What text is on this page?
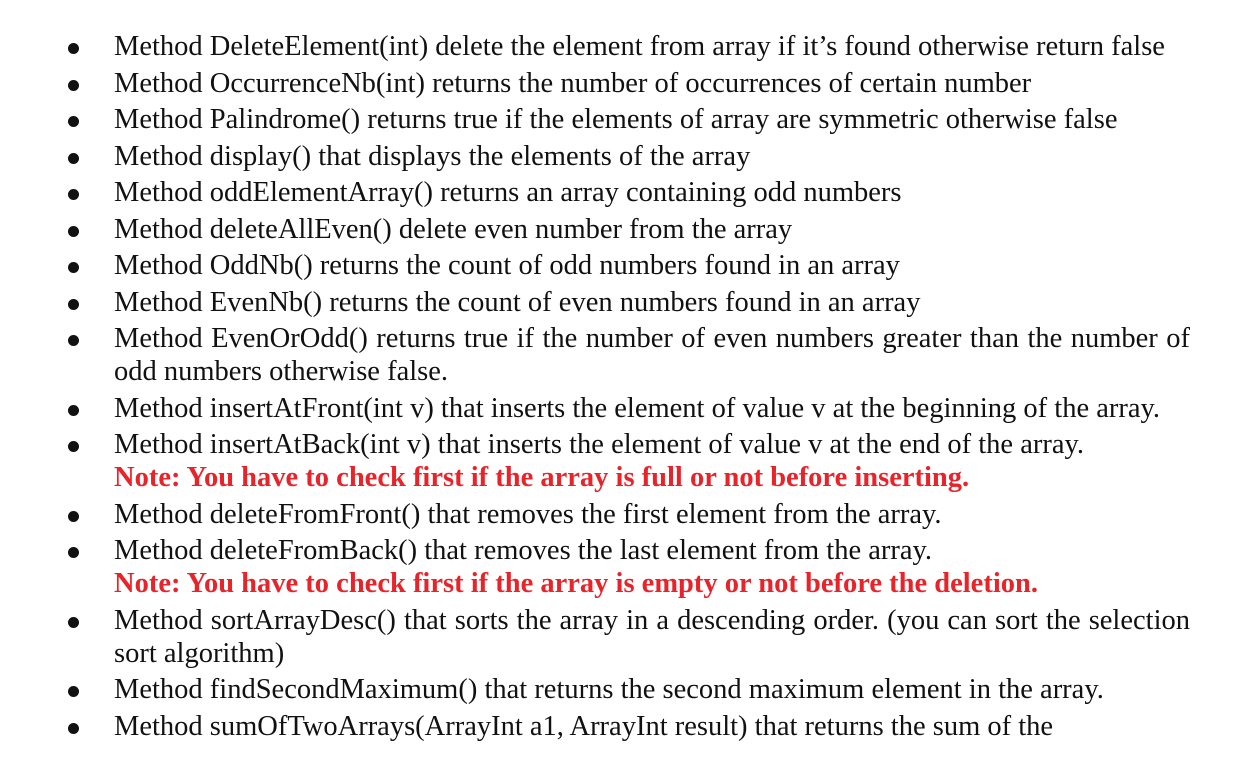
Method DeleteElement(int) delete the element from array if it’s found otherwise return false
Method OccurrenceNb(int) returns the number of occurrences of certain number
Method Palindrome() returns true if the elements of array are symmetric otherwise false
Method display() that displays the elements of the array
Method oddElementArray() returns an array containing odd numbers
Method deleteAllEven() delete even number from the array
Method OddNb() returns the count of odd numbers found in an array
Method EvenNb() returns the count of even numbers found in an array
Method EvenOrOdd() returns true if the number of even numbers greater than the number of odd numbers otherwise false.
Method insertAtFront(int v) that inserts the element of value v at the beginning of the array.
Method insertAtBack(int v) that inserts the element of value v at the end of the array.
Note: You have to check first if the array is full or not before inserting.
Method deleteFromFront() that removes the first element from the array.
Method deleteFromBack() that removes the last element from the array.
Note: You have to check first if the array is empty or not before the deletion.
Method sortArrayDesc() that sorts the array in a descending order. (you can sort the selection sort algorithm)
Method findSecondMaximum() that returns the second maximum element in the array.
Method sumOfTwoArrays(ArrayInt a1, ArrayInt result) that returns the sum of the
